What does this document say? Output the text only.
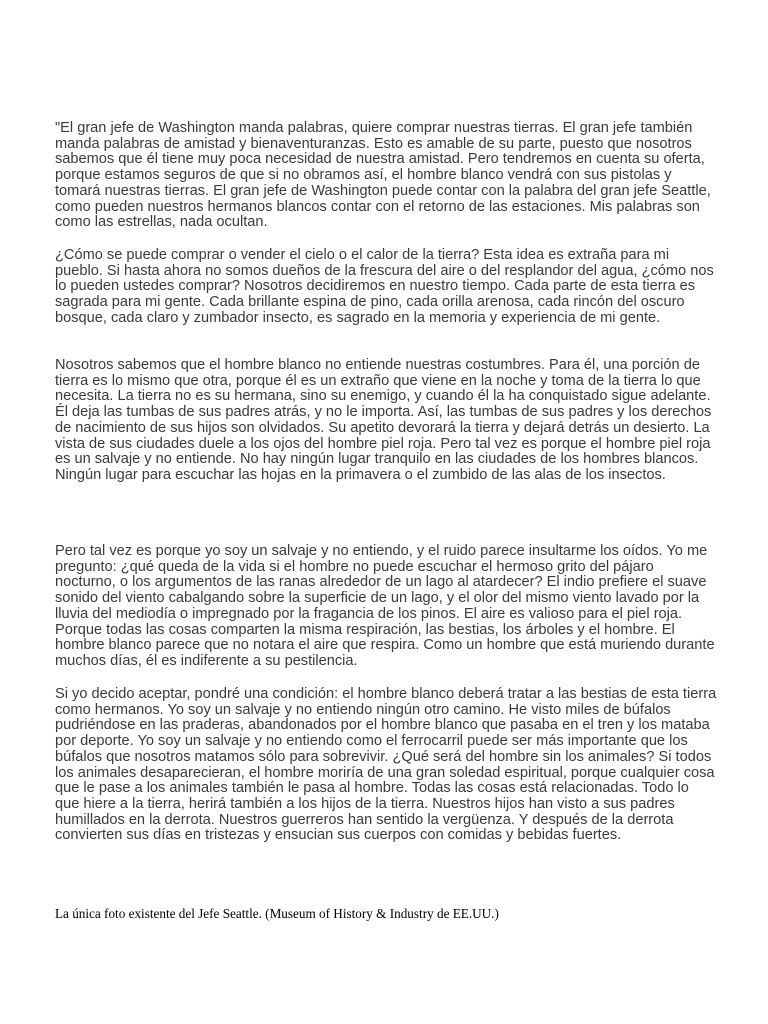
"El gran jefe de Washington manda palabras, quiere comprar nuestras tierras. El gran jefe también manda palabras de amistad y bienaventuranzas. Esto es amable de su parte, puesto que nosotros sabemos que él tiene muy poca necesidad de nuestra amistad. Pero tendremos en cuenta su oferta, porque estamos seguros de que si no obramos así, el hombre blanco vendrá con sus pistolas y tomará nuestras tierras. El gran jefe de Washington puede contar con la palabra del gran jefe Seattle, como pueden nuestros hermanos blancos contar con el retorno de las estaciones. Mis palabras son como las estrellas, nada ocultan.

¿Cómo se puede comprar o vender el cielo o el calor de la tierra? Esta idea es extraña para mi pueblo. Si hasta ahora no somos dueños de la frescura del aire o del resplandor del agua, ¿cómo nos lo pueden ustedes comprar? Nosotros decidiremos en nuestro tiempo. Cada parte de esta tierra es sagrada para mi gente. Cada brillante espina de pino, cada orilla arenosa, cada rincón del oscuro bosque, cada claro y zumbador insecto, es sagrado en la memoria y experiencia de mi gente.

Nosotros sabemos que el hombre blanco no entiende nuestras costumbres. Para él, una porción de tierra es lo mismo que otra, porque él es un extraño que viene en la noche y toma de la tierra lo que necesita. La tierra no es su hermana, sino su enemigo, y cuando él la ha conquistado sigue adelante. Él deja las tumbas de sus padres atrás, y no le importa. Así, las tumbas de sus padres y los derechos de nacimiento de sus hijos son olvidados. Su apetito devorará la tierra y dejará detrás un desierto. La vista de sus ciudades duele a los ojos del hombre piel roja. Pero tal vez es porque el hombre piel roja es un salvaje y no entiende. No hay ningún lugar tranquilo en las ciudades de los hombres blancos. Ningún lugar para escuchar las hojas en la primavera o el zumbido de las alas de los insectos.

Pero tal vez es porque yo soy un salvaje y no entiendo, y el ruido parece insultarme los oídos. Yo me pregunto: ¿qué queda de la vida si el hombre no puede escuchar el hermoso grito del pájaro nocturno, o los argumentos de las ranas alrededor de un lago al atardecer? El indio prefiere el suave sonido del viento cabalgando sobre la superficie de un lago, y el olor del mismo viento lavado por la lluvia del mediodía o impregnado por la fragancia de los pinos. El aire es valioso para el piel roja. Porque todas las cosas comparten la misma respiración, las bestias, los árboles y el hombre. El hombre blanco parece que no notara el aire que respira. Como un hombre que está muriendo durante muchos días, él es indiferente a su pestilencia.

Si yo decido aceptar, pondré una condición: el hombre blanco deberá tratar a las bestias de esta tierra como hermanos. Yo soy un salvaje y no entiendo ningún otro camino. He visto miles de búfalos pudriéndose en las praderas, abandonados por el hombre blanco que pasaba en el tren y los mataba por deporte. Yo soy un salvaje y no entiendo como el ferrocarril puede ser más importante que los búfalos que nosotros matamos sólo para sobrevivir. ¿Qué será del hombre sin los animales? Si todos los animales desaparecieran, el hombre moriría de una gran soledad espiritual, porque cualquier cosa que le pase a los animales también le pasa al hombre. Todas las cosas está relacionadas. Todo lo que hiere a la tierra, herirá también a los hijos de la tierra. Nuestros hijos han visto a sus padres humillados en la derrota. Nuestros guerreros han sentido la vergüenza. Y después de la derrota convierten sus días en tristezas y ensucian sus cuerpos con comidas y bebidas fuertes.

La única foto existente del Jefe Seattle. (Museum of History & Industry de EE.UU.)
